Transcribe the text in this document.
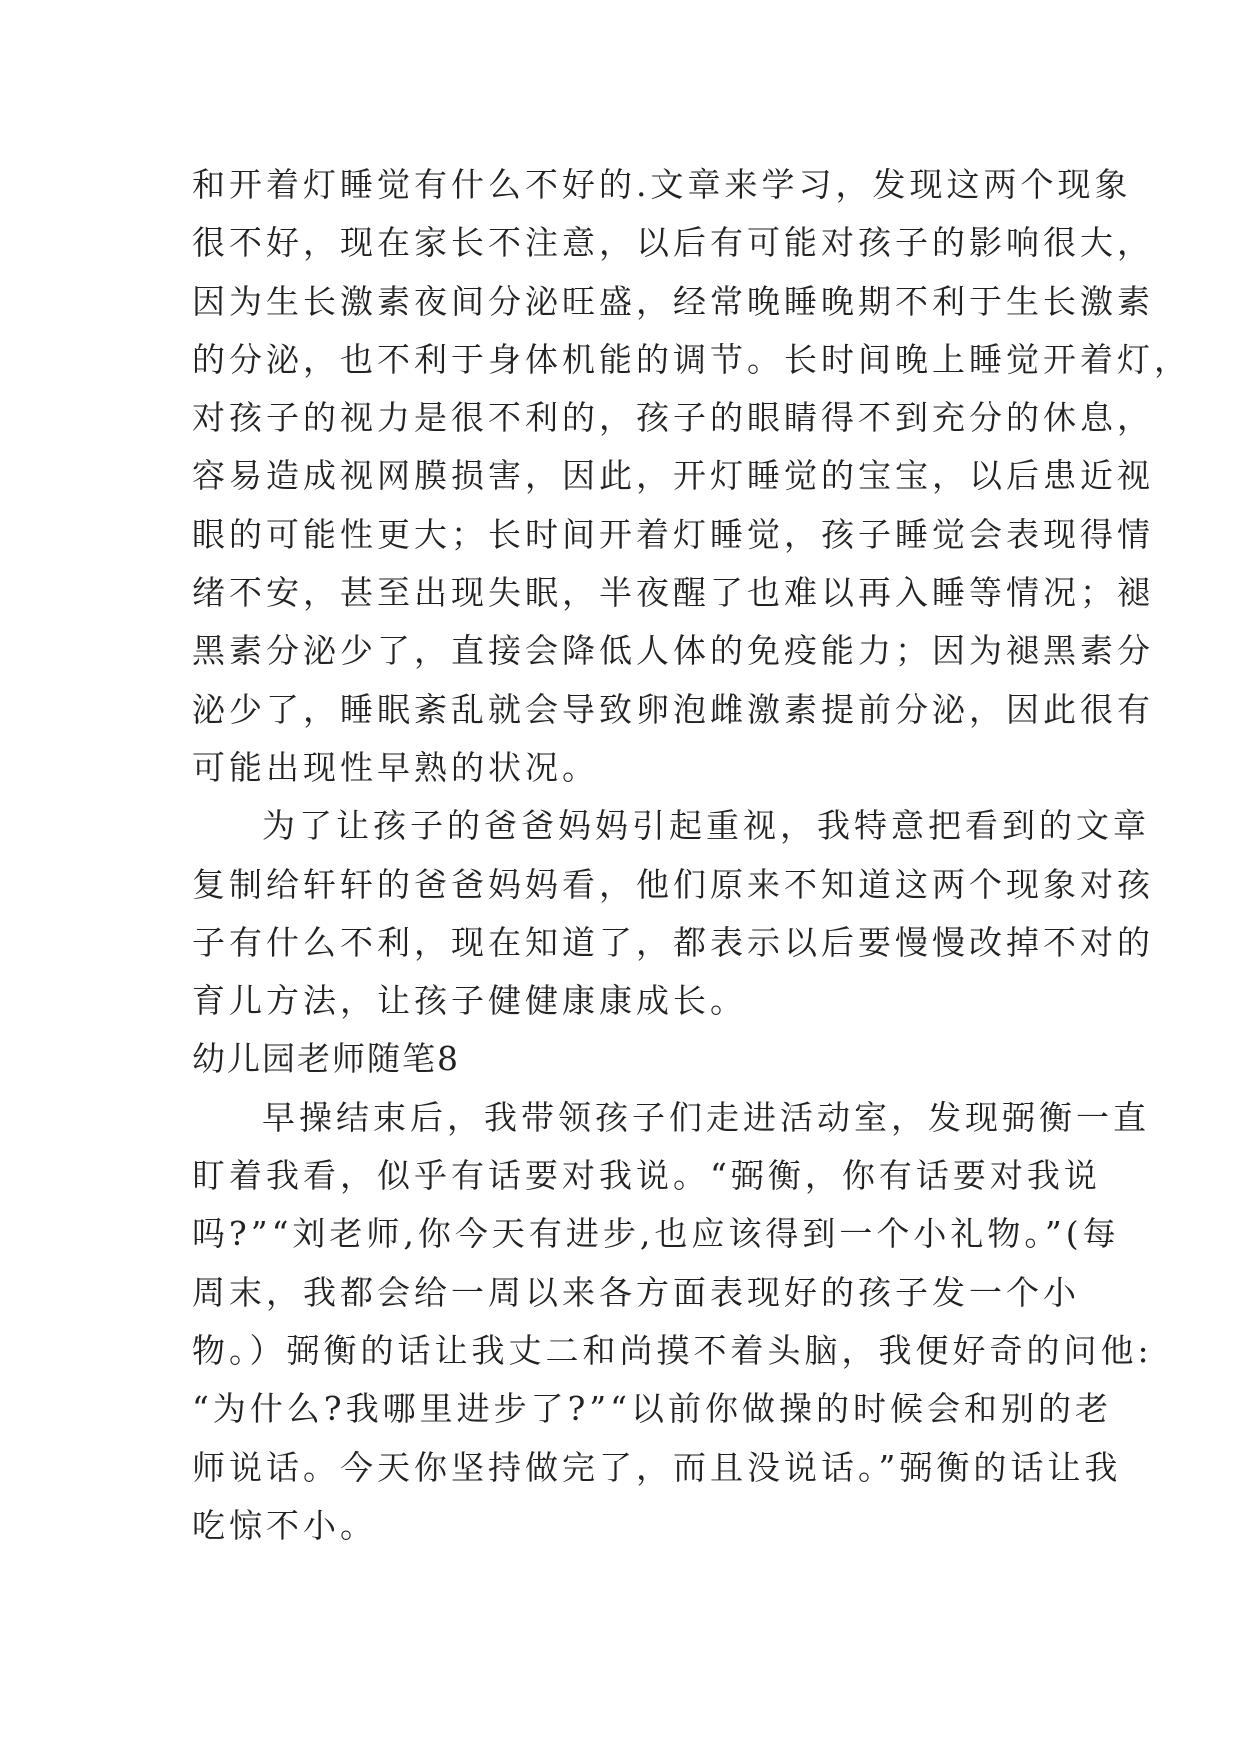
和开着灯睡觉有什么不好的.文章来学习，发现这两个现象
很不好，现在家长不注意，以后有可能对孩子的影响很大，
因为生长激素夜间分泌旺盛，经常晚睡晚期不利于生长激素
的分泌，也不利于身体机能的调节。长时间晚上睡觉开着灯，
对孩子的视力是很不利的，孩子的眼睛得不到充分的休息，
容易造成视网膜损害，因此，开灯睡觉的宝宝，以后患近视
眼的可能性更大；长时间开着灯睡觉，孩子睡觉会表现得情
绪不安，甚至出现失眠，半夜醒了也难以再入睡等情况；褪
黑素分泌少了，直接会降低人体的免疫能力；因为褪黑素分
泌少了，睡眠紊乱就会导致卵泡雌激素提前分泌，因此很有
可能出现性早熟的状况。
为了让孩子的爸爸妈妈引起重视，我特意把看到的文章
复制给轩轩的爸爸妈妈看，他们原来不知道这两个现象对孩
子有什么不利，现在知道了，都表示以后要慢慢改掉不对的
育儿方法，让孩子健健康康成长。
幼儿园老师随笔8
早操结束后，我带领孩子们走进活动室，发现弼衡一直
盯着我看，似乎有话要对我说。“弼衡，你有话要对我说
吗?”“刘老师,你今天有进步,也应该得到一个小礼物。”(每
周末，我都会给一周以来各方面表现好的孩子发一个小
物。）弼衡的话让我丈二和尚摸不着头脑，我便好奇的问他:
“为什么?我哪里进步了?”“以前你做操的时候会和别的老
师说话。今天你坚持做完了，而且没说话。”弼衡的话让我
吃惊不小。
